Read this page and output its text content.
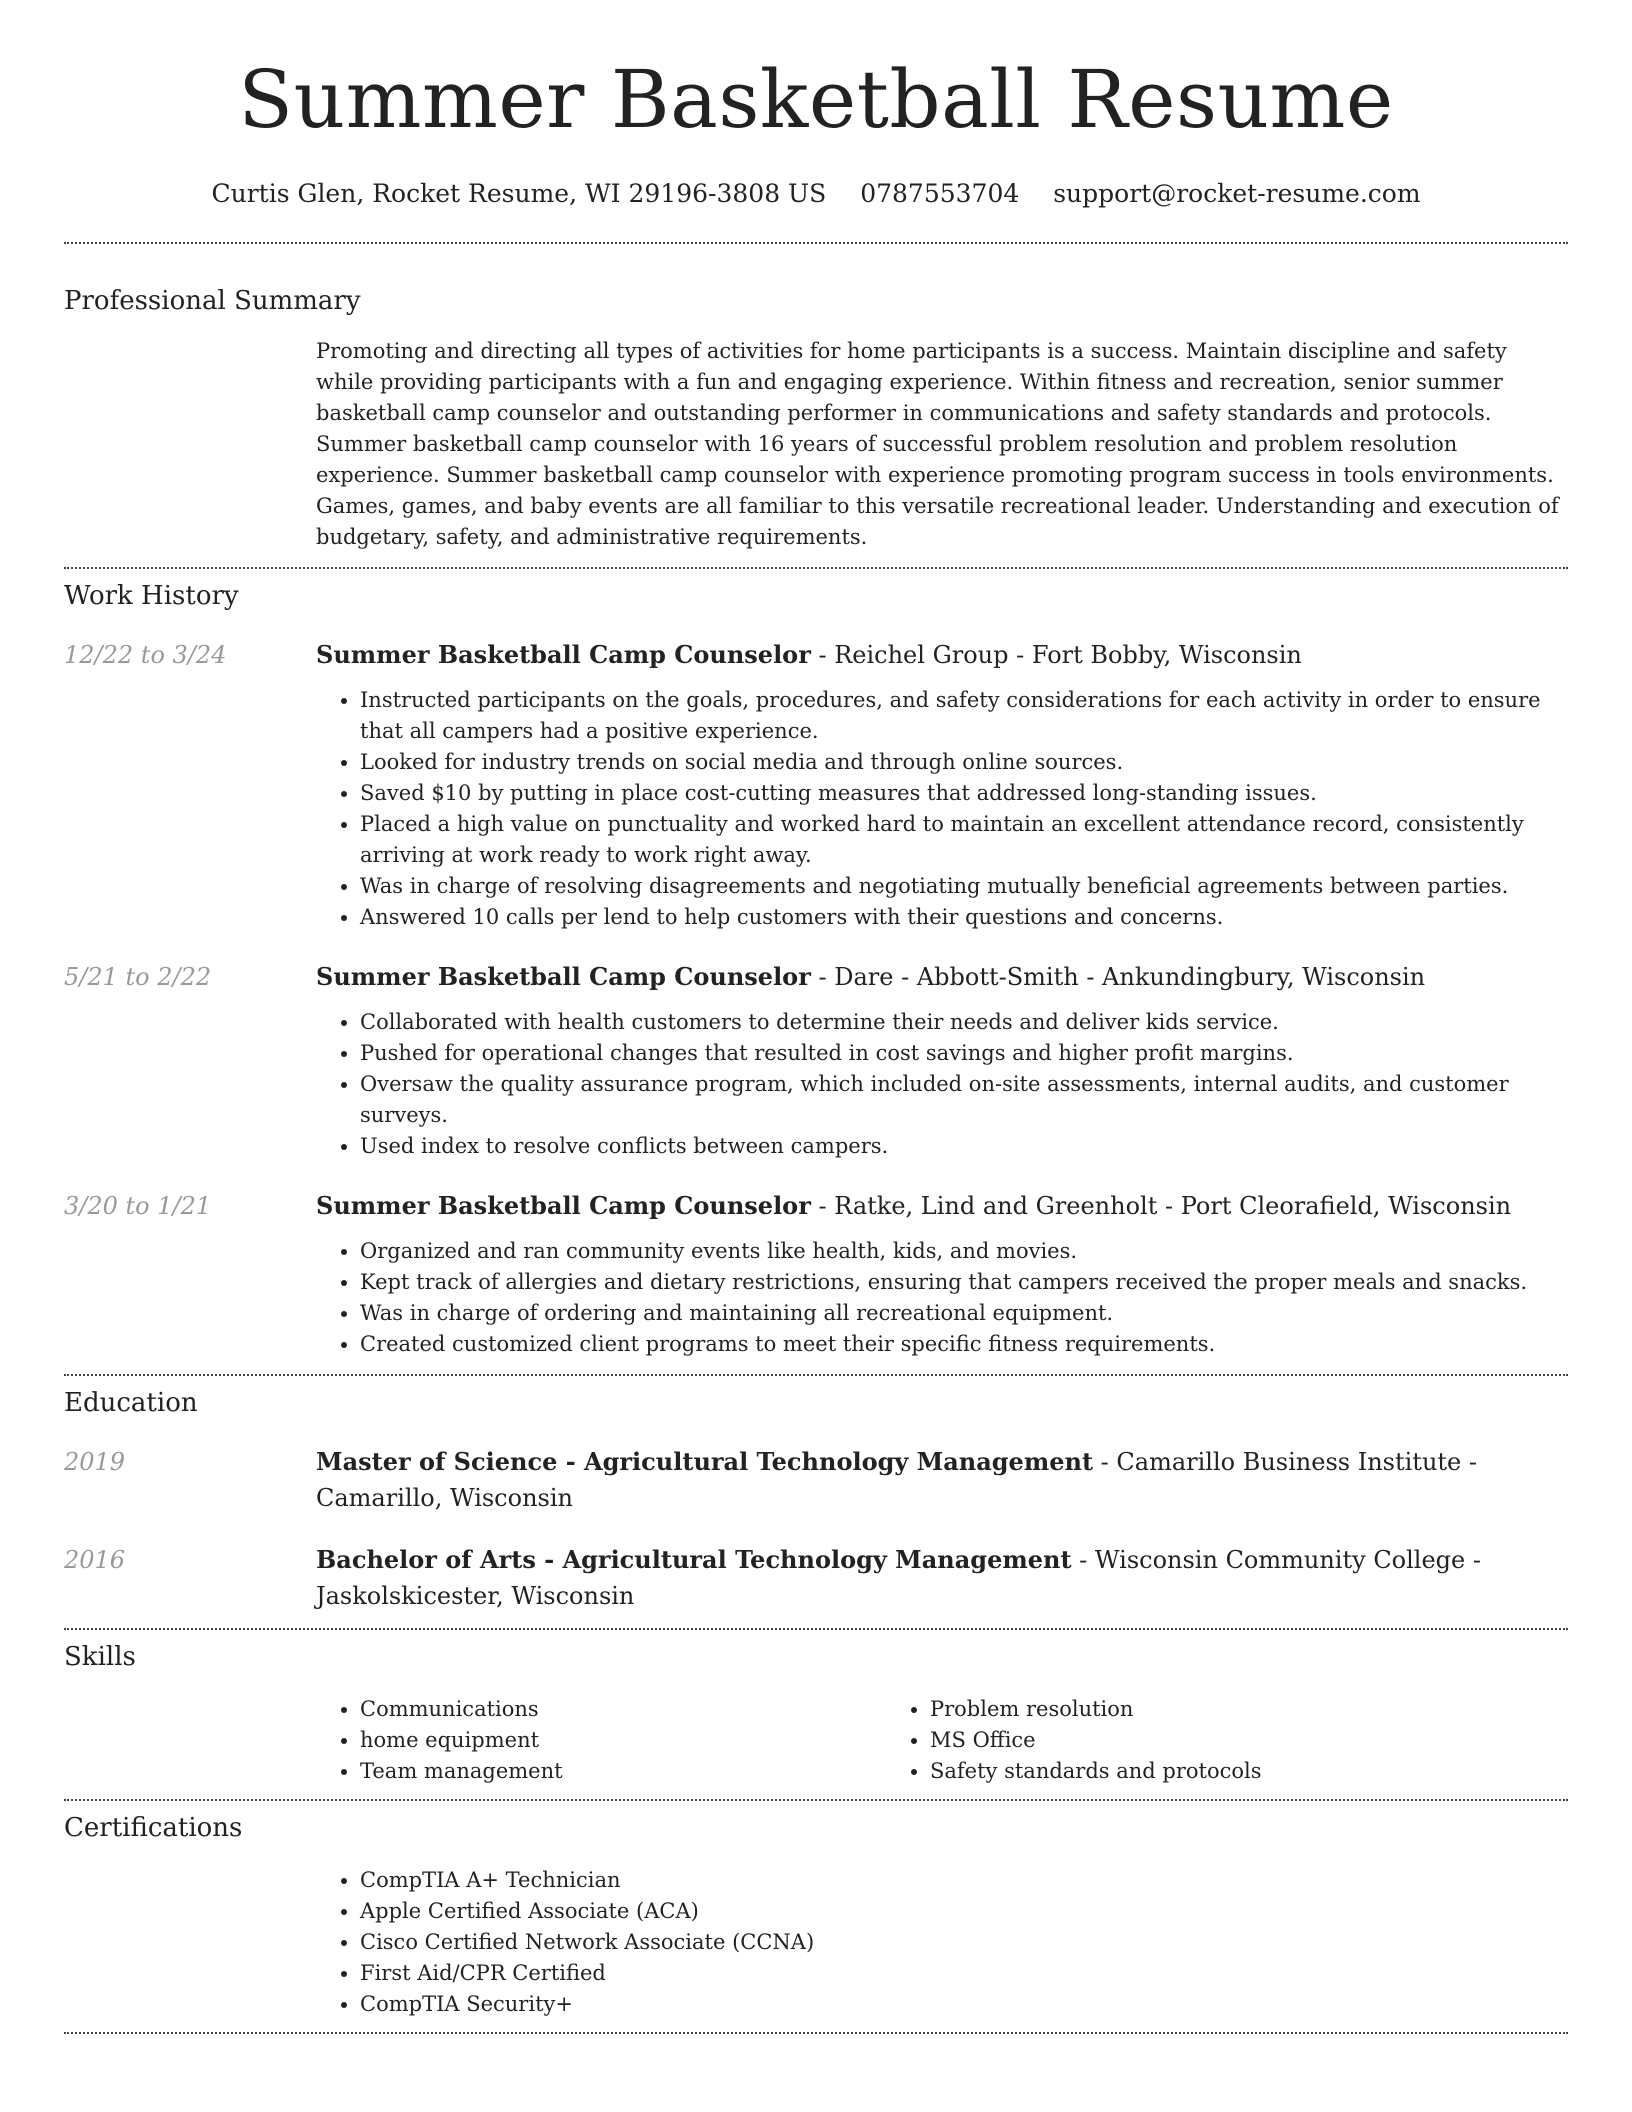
Summer Basketball Resume
Curtis Glen, Rocket Resume, WI 29196-3808 US 0787553704 support@rocket-resume.com
Professional Summary

Promoting and directing all types of activities for home participants is a success. Maintain discipline and safety while providing participants with a fun and engaging experience. Within fitness and recreation, senior summer basketball camp counselor and outstanding performer in communications and safety standards and protocols. Summer basketball camp counselor with 16 years of successful problem resolution and problem resolution experience. Summer basketball camp counselor with experience promoting program success in tools environments. Games, games, and baby events are all familiar to this versatile recreational leader. Understanding and execution of budgetary, safety, and administrative requirements.

Work History
12/22 to 3/24	Summer Basketball Camp Counselor - Reichel Group - Fort Bobby, Wisconsin
• Instructed participants on the goals, procedures, and safety considerations for each activity in order to ensure that all campers had a positive experience.
• Looked for industry trends on social media and through online sources.
• Saved $10 by putting in place cost-cutting measures that addressed long-standing issues.
• Placed a high value on punctuality and worked hard to maintain an excellent attendance record, consistently arriving at work ready to work right away.
• Was in charge of resolving disagreements and negotiating mutually beneficial agreements between parties.
• Answered 10 calls per lend to help customers with their questions and concerns.
5/21 to 2/22	Summer Basketball Camp Counselor - Dare - Abbott-Smith - Ankundingbury, Wisconsin
• Collaborated with health customers to determine their needs and deliver kids service.
• Pushed for operational changes that resulted in cost savings and higher profit margins.
• Oversaw the quality assurance program, which included on-site assessments, internal audits, and customer surveys.
• Used index to resolve conflicts between campers.
3/20 to 1/21	Summer Basketball Camp Counselor - Ratke, Lind and Greenholt - Port Cleorafield, Wisconsin
• Organized and ran community events like health, kids, and movies.
• Kept track of allergies and dietary restrictions, ensuring that campers received the proper meals and snacks.
• Was in charge of ordering and maintaining all recreational equipment.
• Created customized client programs to meet their specific fitness requirements.
Education
2019	Master of Science - Agricultural Technology Management - Camarillo Business Institute - Camarillo, Wisconsin
2016	Bachelor of Arts - Agricultural Technology Management - Wisconsin Community College - Jaskolskicester, Wisconsin
Skills
• Communications
• home equipment
• Team management
• Problem resolution
• MS Office
• Safety standards and protocols
Certifications
• CompTIA A+ Technician
• Apple Certified Associate (ACA)
• Cisco Certified Network Associate (CCNA)
• First Aid/CPR Certified
• CompTIA Security+
